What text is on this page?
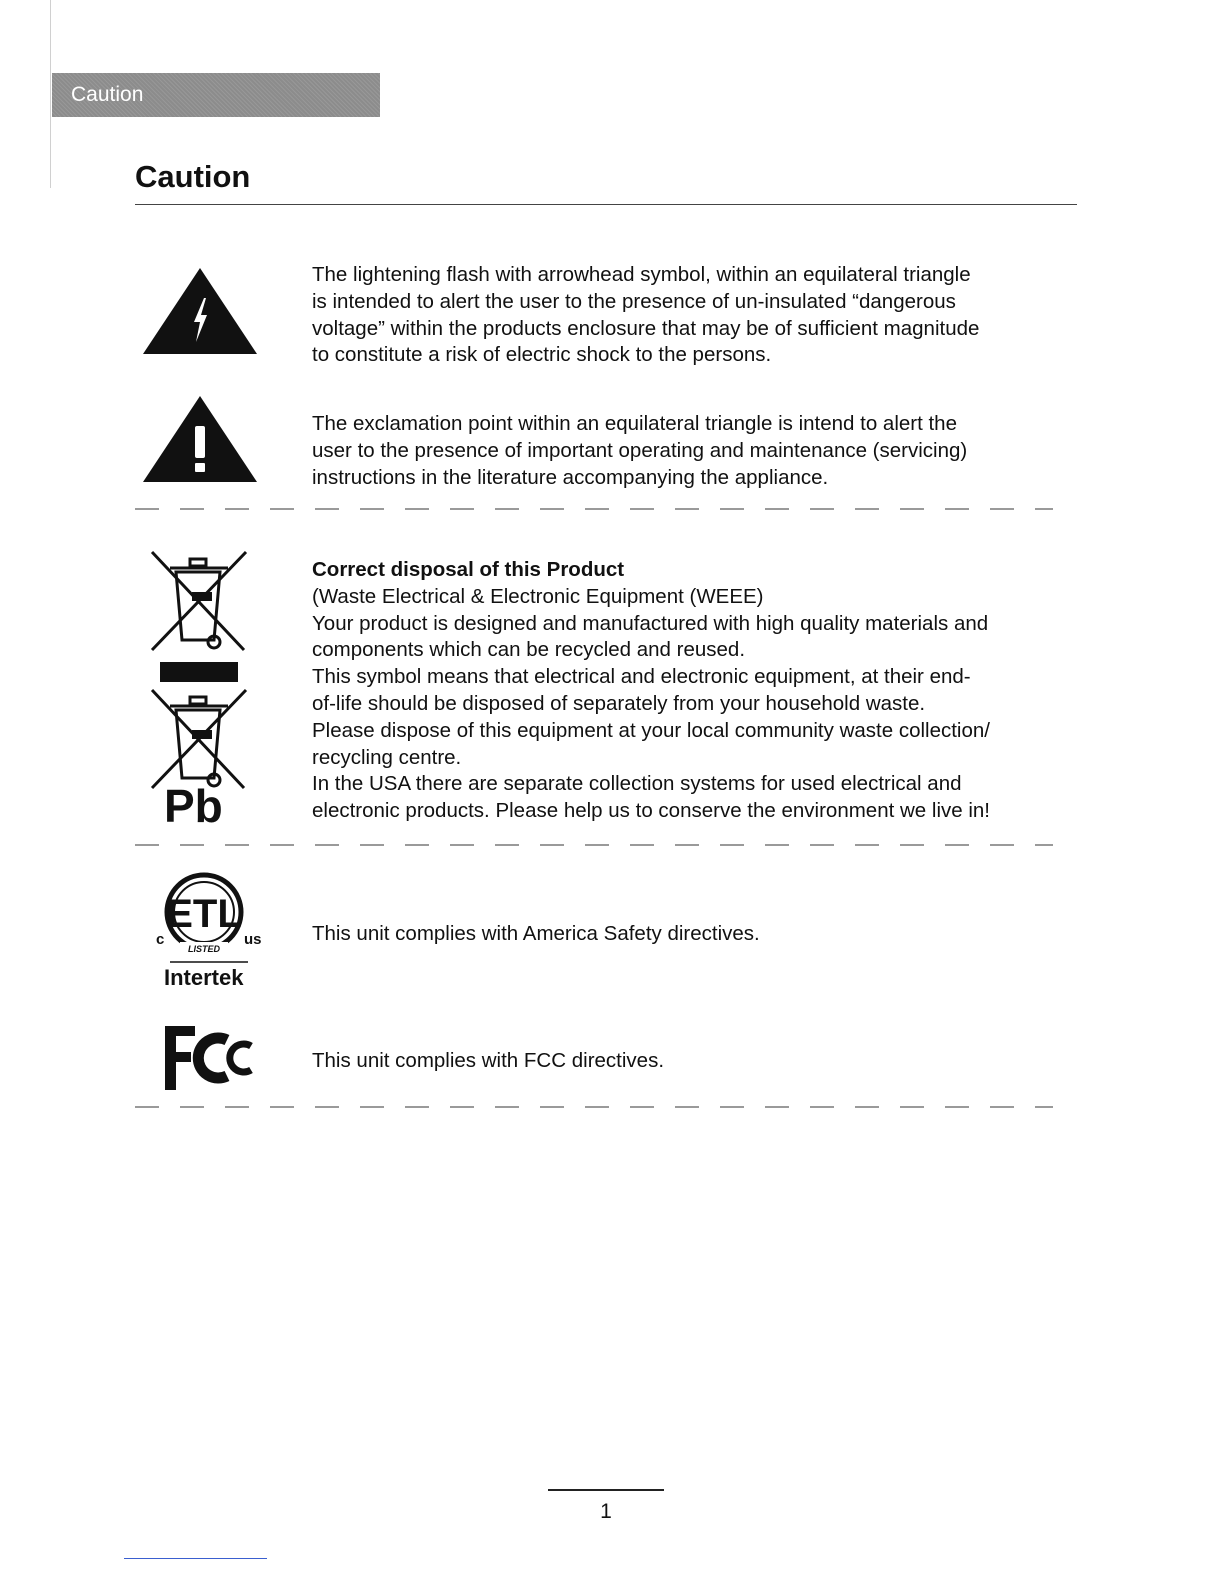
Caution
Caution

The lightening flash with arrowhead symbol, within an equilateral triangle

is intended to alert the user to the presence of un-insulated “dangerous

voltage” within the products enclosure that may be of sufficient magnitude

to constitute a risk of electric shock to the persons.

The exclamation point within an equilateral triangle is intend to alert the

user to the presence of important operating and maintenance (servicing)

instructions in the literature accompanying the appliance.

Pb

Correct disposal of this Product

(Waste Electrical & Electronic Equipment (WEEE)

Your product is designed and manufactured with high quality materials and

components which can be recycled and reused.

This symbol means that electrical and electronic equipment, at their end-

of-life should be disposed of separately from your household waste.

Please dispose of this equipment at your local community waste collection/

recycling centre.

In the USA there are separate collection systems for used electrical and

electronic products. Please help us to conserve the environment we live in!

ETL
LISTED
c	us
Intertek

This unit complies with America Safety directives.

This unit complies with FCC directives.

1
